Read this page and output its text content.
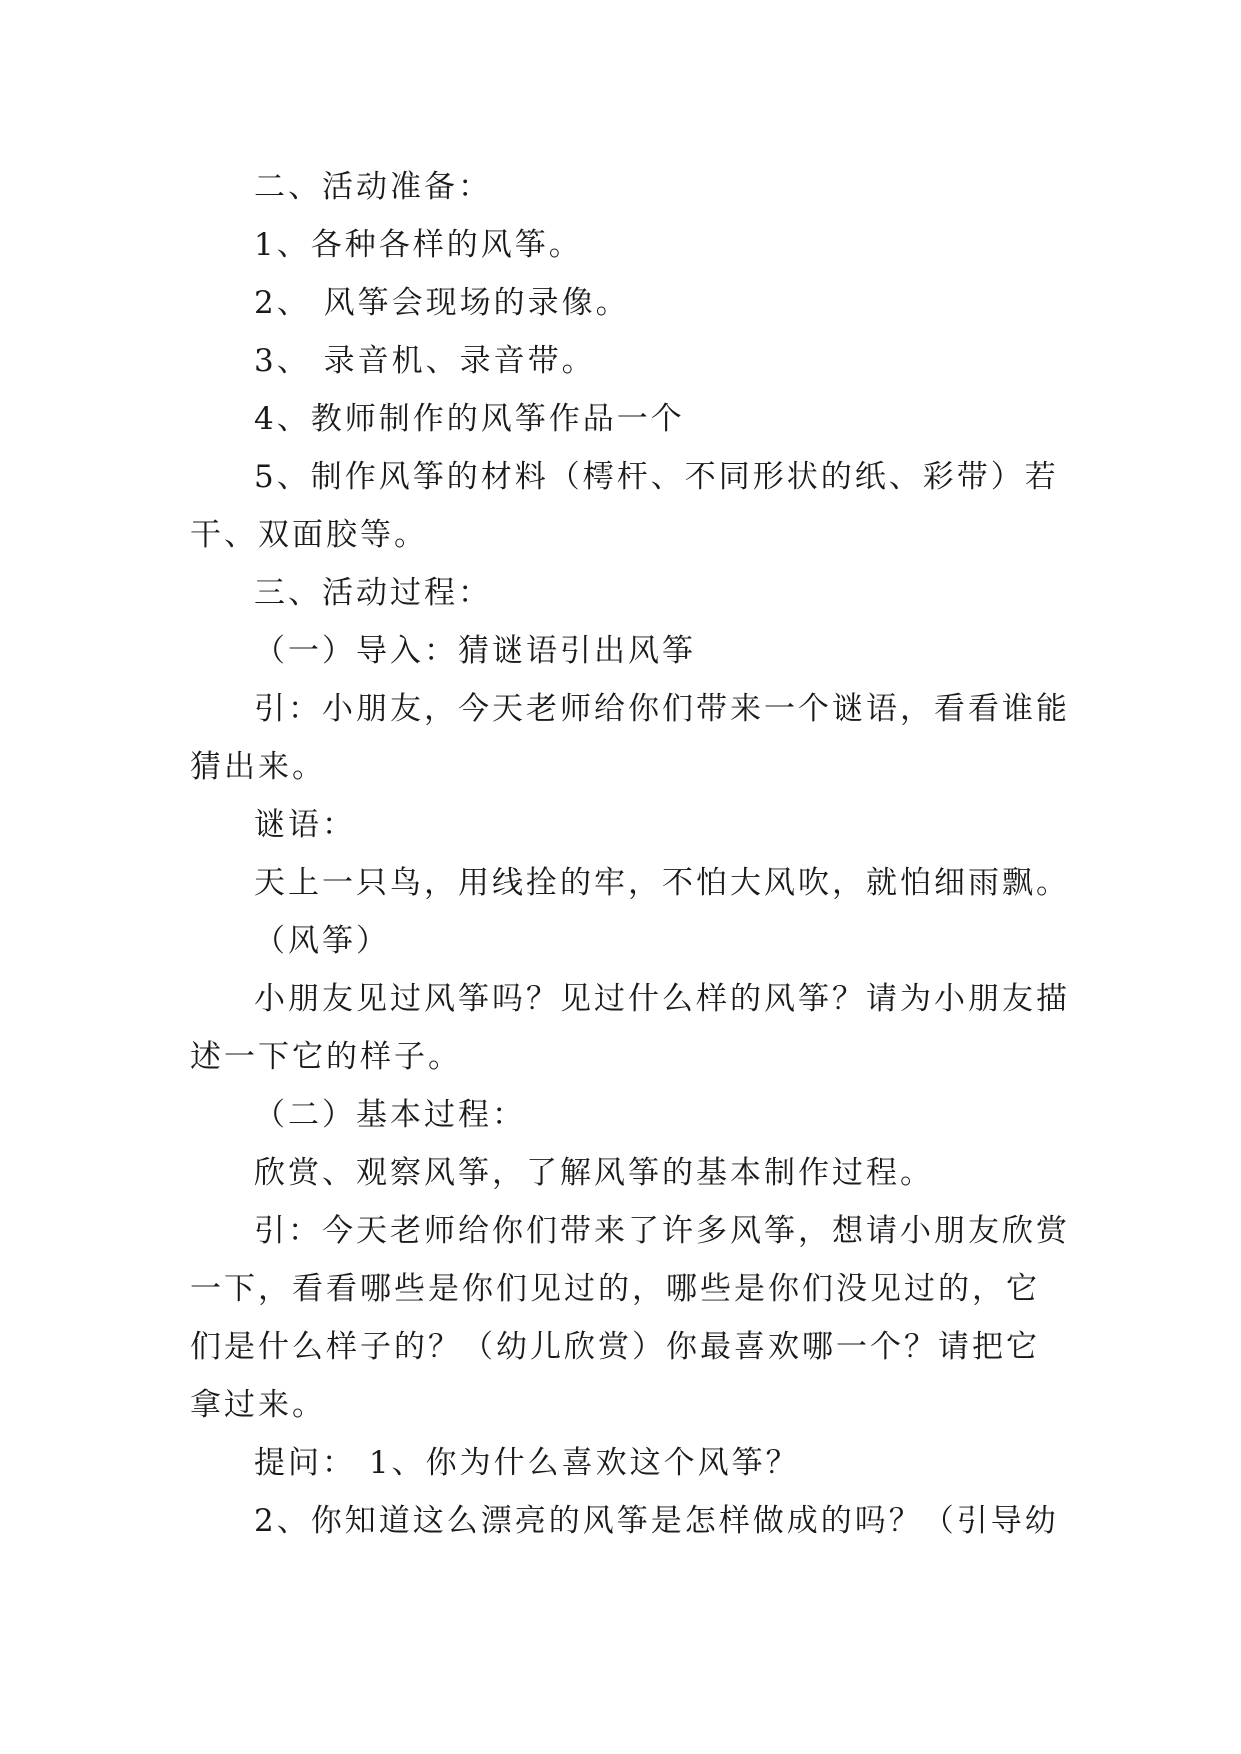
二、活动准备：

1、各种各样的风筝。

2、 风筝会现场的录像。

3、 录音机、录音带。

4、教师制作的风筝作品一个

5、制作风筝的材料（樗杆、不同形状的纸、彩带）若干、双面胶等。

三、活动过程：

（一）导入：猜谜语引出风筝

引：小朋友，今天老师给你们带来一个谜语，看看谁能猜出来。

谜语：

天上一只鸟，用线拴的牢，不怕大风吹，就怕细雨飘。

（风筝）

小朋友见过风筝吗？见过什么样的风筝？请为小朋友描述一下它的样子。

（二）基本过程：

欣赏、观察风筝，了解风筝的基本制作过程。

引：今天老师给你们带来了许多风筝，想请小朋友欣赏一下，看看哪些是你们见过的，哪些是你们没见过的，它们是什么样子的？（幼儿欣赏）你最喜欢哪一个？请把它拿过来。

提问： 1、你为什么喜欢这个风筝？

2、你知道这么漂亮的风筝是怎样做成的吗？（引导幼
